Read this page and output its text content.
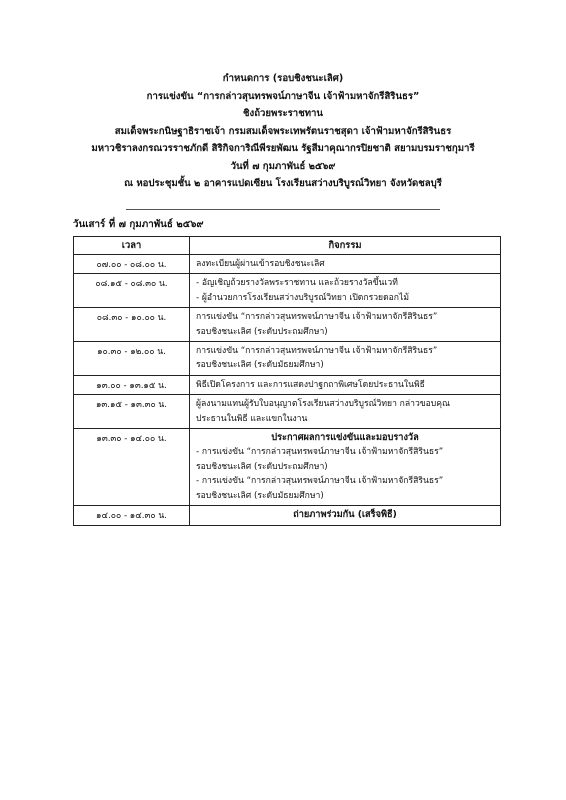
กำหนดการ (รอบชิงชนะเลิศ)
การแข่งขัน “การกล่าวสุนทรพจน์ภาษาจีน เจ้าฟ้ามหาจักรีสิรินธร”
ชิงถ้วยพระราชทาน
สมเด็จพระกนิษฐาธิราชเจ้า กรมสมเด็จพระเทพรัตนราชสุดา เจ้าฟ้ามหาจักรีสิรินธร
มหาวชิราลงกรณวรราชภักดี สิริกิจการิณีพีรยพัฒน รัฐสีมาคุณากรปิยชาติ สยามบรมราชกุมารี
วันที่ ๗ กุมภาพันธ์ ๒๕๖๙
ณ หอประชุมชั้น ๒ อาคารแปดเซียน โรงเรียนสว่างบริบูรณ์วิทยา จังหวัดชลบุรี
วันเสาร์ ที่ ๗ กุมภาพันธ์ ๒๕๖๙
เวลา	กิจกรรม
๐๗.๐๐ - ๐๘.๐๐ น.	ลงทะเบียนผู้ผ่านเข้ารอบชิงชนะเลิศ

๐๘.๑๕ - ๐๘.๓๐ น.	- อัญเชิญถ้วยรางวัลพระราชทาน และถ้วยรางวัลขึ้นเวที
- ผู้อำนวยการโรงเรียนสว่างบริบูรณ์วิทยา เปิดกรวยดอกไม้

๐๘.๓๐ - ๑๐.๐๐ น.	การแข่งขัน “การกล่าวสุนทรพจน์ภาษาจีน เจ้าฟ้ามหาจักรีสิรินธร”
รอบชิงชนะเลิศ (ระดับประถมศึกษา)

๑๐.๓๐ - ๑๒.๐๐ น.	การแข่งขัน “การกล่าวสุนทรพจน์ภาษาจีน เจ้าฟ้ามหาจักรีสิรินธร”
รอบชิงชนะเลิศ (ระดับมัธยมศึกษา)

๑๓.๐๐ - ๑๓.๑๕ น.	พิธีเปิดโครงการ และการแสดงปาฐกถาพิเศษโดยประธานในพิธี

๑๓.๑๕ - ๑๓.๓๐ น.	ผู้ลงนามแทนผู้รับใบอนุญาตโรงเรียนสว่างบริบูรณ์วิทยา กล่าวขอบคุณ
ประธานในพิธี และแขกในงาน

๑๓.๓๐ - ๑๔.๐๐ น.	ประกาศผลการแข่งขันและมอบรางวัล
- การแข่งขัน “การกล่าวสุนทรพจน์ภาษาจีน เจ้าฟ้ามหาจักรีสิรินธร”
รอบชิงชนะเลิศ (ระดับประถมศึกษา)
- การแข่งขัน “การกล่าวสุนทรพจน์ภาษาจีน เจ้าฟ้ามหาจักรีสิรินธร”
รอบชิงชนะเลิศ (ระดับมัธยมศึกษา)

๑๔.๐๐ - ๑๔.๓๐ น.	ถ่ายภาพร่วมกัน (เสร็จพิธี)
